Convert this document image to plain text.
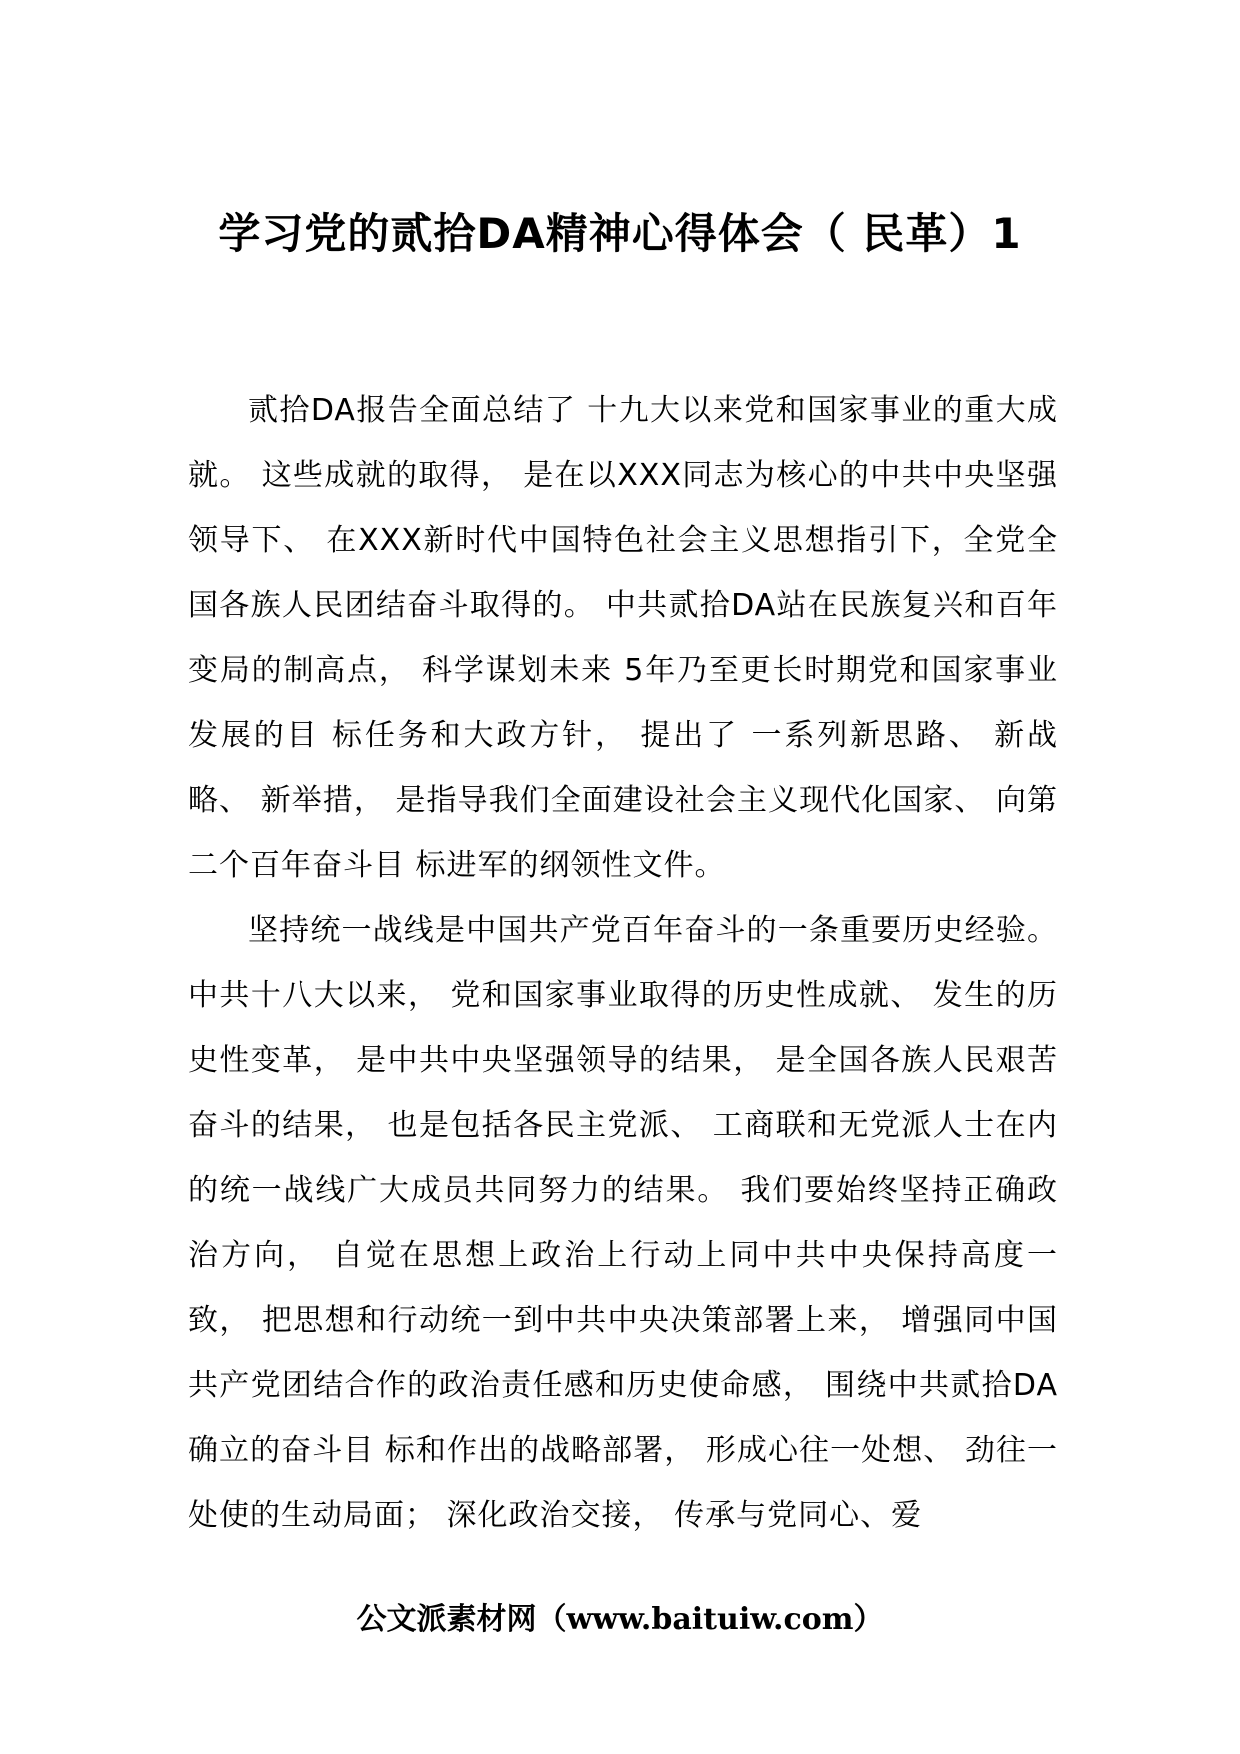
学习党的贰拾DA精神心得体会（ 民革）1

贰拾DA报告全面总结了 十九大以来党和国家事业的重大成就。 这些成就的取得， 是在以XXX同志为核心的中共中央坚强领导下、 在XXX新时代中国特色社会主义思想指引下，全党全国各族人民团结奋斗取得的。 中共贰拾DA站在民族复兴和百年变局的制高点， 科学谋划未来 5年乃至更长时期党和国家事业发展的目 标任务和大政方针， 提出了 一系列新思路、 新战略、 新举措， 是指导我们全面建设社会主义现代化国家、 向第二个百年奋斗目 标进军的纲领性文件。

坚持统一战线是中国共产党百年奋斗的一条重要历史经验。 中共十八大以来， 党和国家事业取得的历史性成就、 发生的历史性变革， 是中共中央坚强领导的结果， 是全国各族人民艰苦奋斗的结果， 也是包括各民主党派、 工商联和无党派人士在内的统一战线广大成员共同努力的结果。 我们要始终坚持正确政治方向， 自觉在思想上政治上行动上同中共中央保持高度一致， 把思想和行动统一到中共中央决策部署上来， 增强同中国共产党团结合作的政治责任感和历史使命感， 围绕中共贰拾DA确立的奋斗目 标和作出的战略部署， 形成心往一处想、 劲往一处使的生动局面； 深化政治交接， 传承与党同心、爱

公文派素材网（www.baituiw.com）
